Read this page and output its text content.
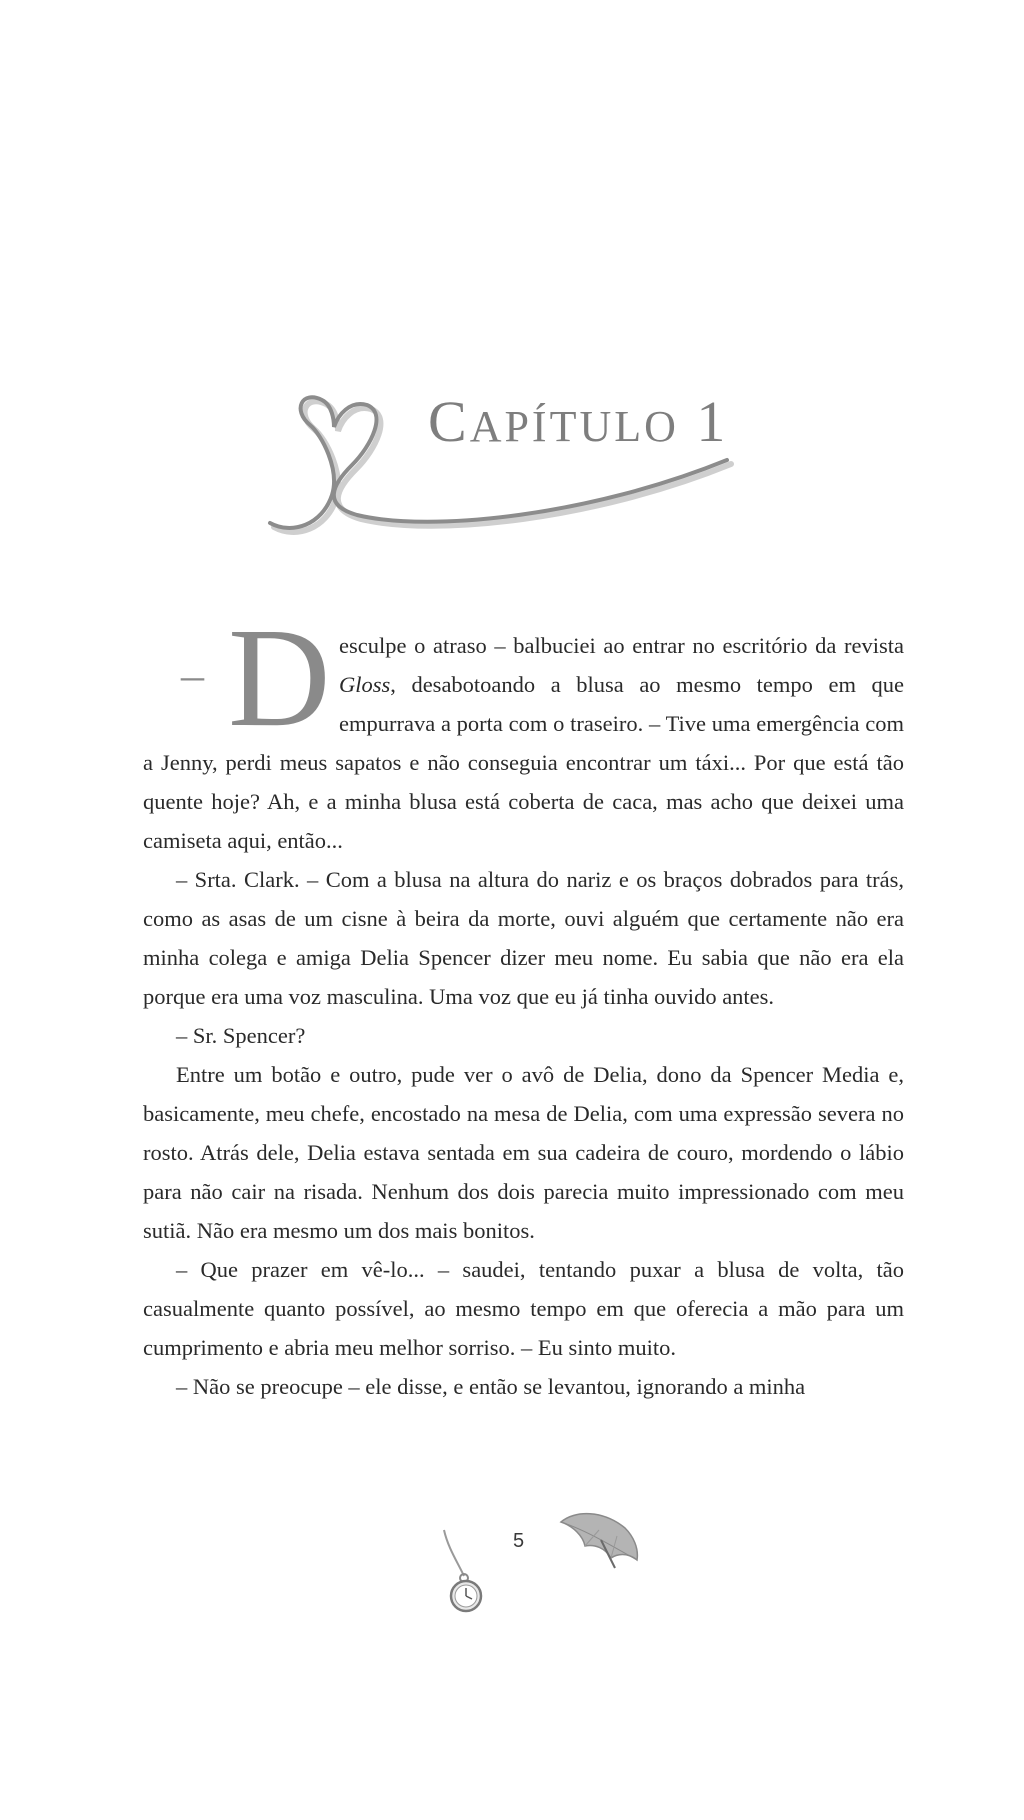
CAPÍTULO 1

– D esculpe o atraso – balbuciei ao entrar no escritório da revista Gloss, desabotoando a blusa ao mesmo tempo em que empurrava a porta com o traseiro. – Tive uma emergência com a Jenny, perdi meus sapatos e não conseguia encontrar um táxi... Por que está tão quente hoje? Ah, e a minha blusa está coberta de caca, mas acho que deixei uma camiseta aqui, então...

– Srta. Clark. – Com a blusa na altura do nariz e os braços dobrados para trás, como as asas de um cisne à beira da morte, ouvi alguém que certamente não era minha colega e amiga Delia Spencer dizer meu nome. Eu sabia que não era ela porque era uma voz masculina. Uma voz que eu já tinha ouvido antes.

– Sr. Spencer?

Entre um botão e outro, pude ver o avô de Delia, dono da Spencer Media e, basicamente, meu chefe, encostado na mesa de Delia, com uma expressão severa no rosto. Atrás dele, Delia estava sentada em sua cadeira de couro, mordendo o lábio para não cair na risada. Nenhum dos dois parecia muito impressionado com meu sutiã. Não era mesmo um dos mais bonitos.

– Que prazer em vê-lo... – saudei, tentando puxar a blusa de volta, tão casualmente quanto possível, ao mesmo tempo em que oferecia a mão para um cumprimento e abria meu melhor sorriso. – Eu sinto muito.

– Não se preocupe – ele disse, e então se levantou, ignorando a minha

5
